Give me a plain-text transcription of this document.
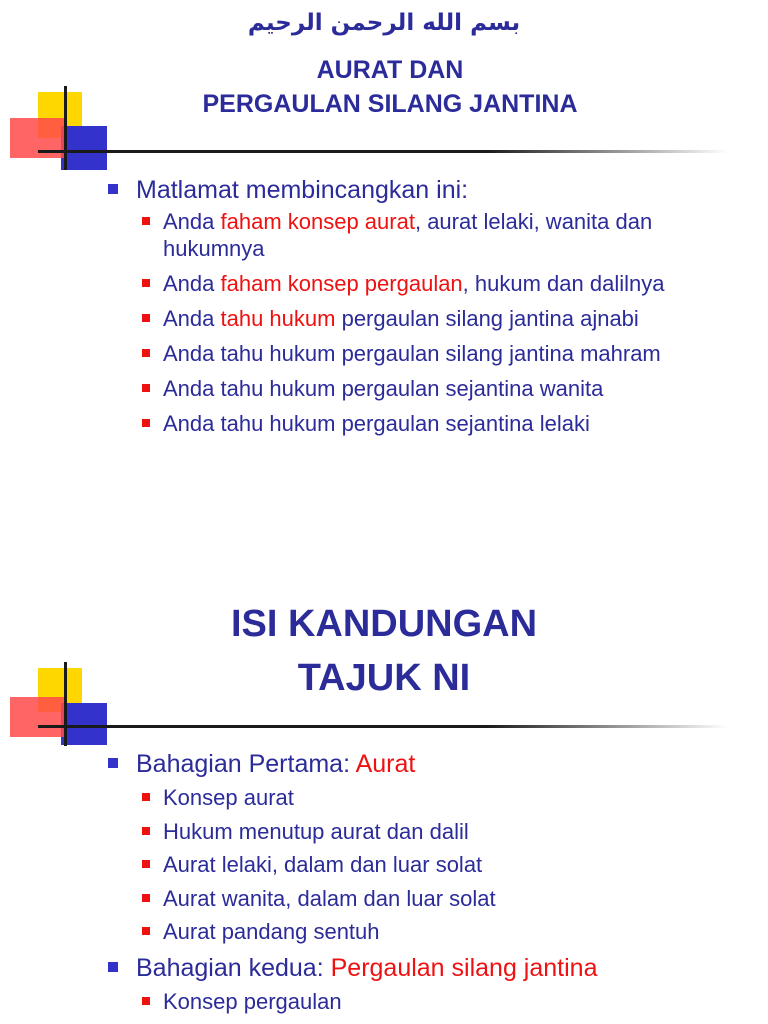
بسم الله الرحمن الرحيم
AURAT DAN
PERGAULAN SILANG JANTINA
Matlamat membincangkan ini:
Anda faham konsep aurat, aurat lelaki, wanita dan hukumnya
Anda faham konsep pergaulan, hukum dan dalilnya
Anda tahu hukum pergaulan silang jantina ajnabi
Anda tahu hukum pergaulan silang jantina mahram
Anda tahu hukum pergaulan sejantina wanita
Anda tahu hukum pergaulan sejantina lelaki
ISI KANDUNGAN
TAJUK NI
Bahagian Pertama: Aurat
Konsep aurat
Hukum menutup aurat dan dalil
Aurat lelaki, dalam dan luar solat
Aurat wanita, dalam dan luar solat
Aurat pandang sentuh
Bahagian kedua: Pergaulan silang jantina
Konsep pergaulan
